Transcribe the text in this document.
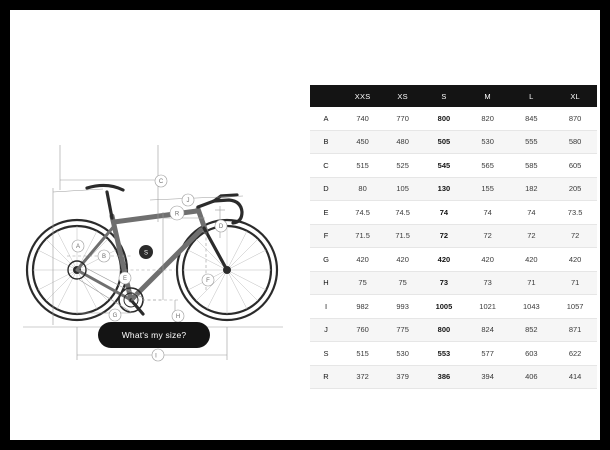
I
C
A
B
J
D
F
E
G	H
S
R
What's my size?
	XXS	XS	S	M	L	XL
A	740	770	800	820	845	870
B	450	480	505	530	555	580
C	515	525	545	565	585	605
D	80	105	130	155	182	205
E	74.5	74.5	74	74	74	73.5
F	71.5	71.5	72	72	72	72
G	420	420	420	420	420	420
H	75	75	73	73	71	71
I	982	993	1005	1021	1043	1057
J	760	775	800	824	852	871
S	515	530	553	577	603	622
R	372	379	386	394	406	414
